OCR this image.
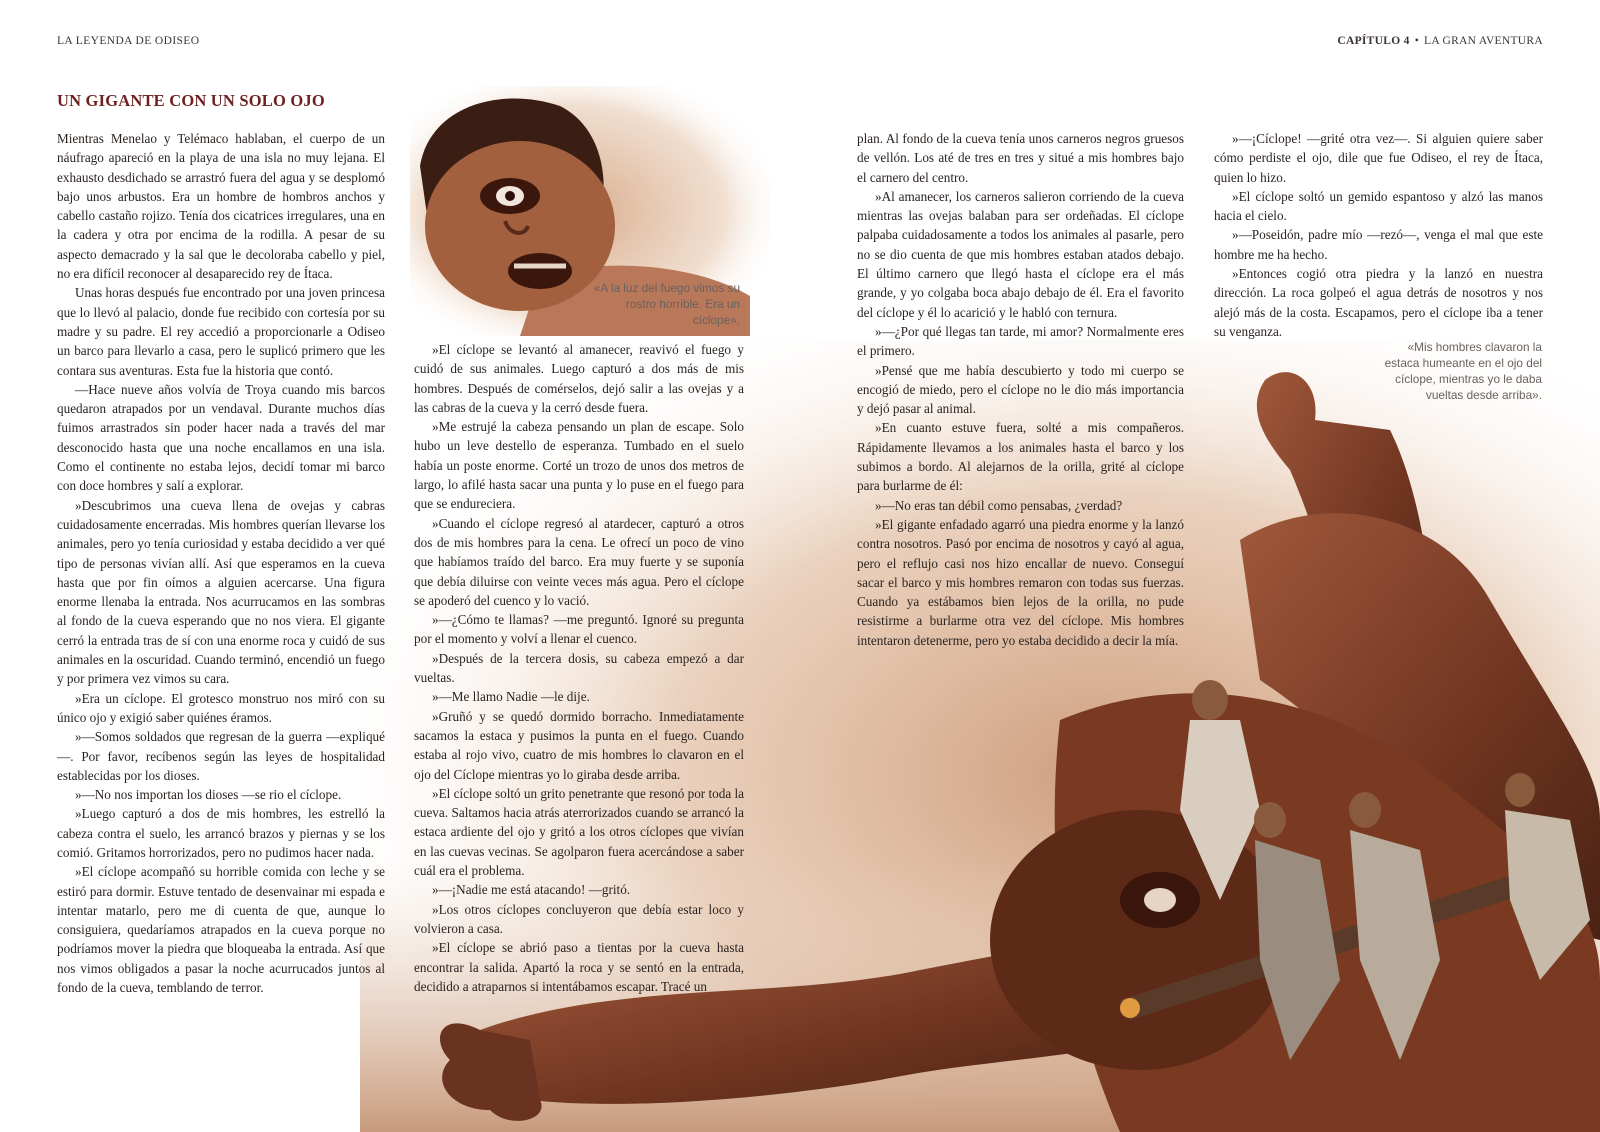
LA LEYENDA DE ODISEO	CAPÍTULO 4 • LA GRAN AVENTURA
UN GIGANTE CON UN SOLO OJO

Mientras Menelao y Telémaco hablaban, el cuerpo de un náufrago apareció en la playa de una isla no muy lejana. El exhausto desdichado se arrastró fuera del agua y se desplomó bajo unos arbustos. Era un hombre de hombros anchos y cabello castaño rojizo. Tenía dos cicatrices irregulares, una en la cadera y otra por encima de la rodilla. A pesar de su aspecto demacrado y la sal que le decoloraba cabello y piel, no era difícil reconocer al desaparecido rey de Ítaca.

Unas horas después fue encontrado por una joven princesa que lo llevó al palacio, donde fue recibido con cortesía por su madre y su padre. El rey accedió a proporcionarle a Odiseo un barco para llevarlo a casa, pero le suplicó primero que les contara sus aventuras. Esta fue la historia que contó.

—Hace nueve años volvía de Troya cuando mis barcos quedaron atrapados por un vendaval. Durante muchos días fuimos arrastrados sin poder hacer nada a través del mar desconocido hasta que una noche encallamos en una isla. Como el continente no estaba lejos, decidí tomar mi barco con doce hombres y salí a explorar.

»Descubrimos una cueva llena de ovejas y cabras cuidadosamente encerradas. Mis hombres querían llevarse los animales, pero yo tenía curiosidad y estaba decidido a ver qué tipo de personas vivían allí. Así que esperamos en la cueva hasta que por fin oímos a alguien acercarse. Una figura enorme llenaba la entrada. Nos acurrucamos en las sombras al fondo de la cueva esperando que no nos viera. El gigante cerró la entrada tras de sí con una enorme roca y cuidó de sus animales en la oscuridad. Cuando terminó, encendió un fuego y por primera vez vimos su cara.

»Era un cíclope. El grotesco monstruo nos miró con su único ojo y exigió saber quiénes éramos.

»—Somos soldados que regresan de la guerra —expliqué—. Por favor, recíbenos según las leyes de hospitalidad establecidas por los dioses.

»—No nos importan los dioses —se rio el cíclope.

»Luego capturó a dos de mis hombres, les estrelló la cabeza contra el suelo, les arrancó brazos y piernas y se los comió. Gritamos horrorizados, pero no pudimos hacer nada.

»El cíclope acompañó su horrible comida con leche y se estiró para dormir. Estuve tentado de desenvainar mi espada e intentar matarlo, pero me di cuenta de que, aunque lo consiguiera, quedaríamos atrapados en la cueva porque no podríamos mover la piedra que bloqueaba la entrada. Así que nos vimos obligados a pasar la noche acurrucados juntos al fondo de la cueva, temblando de terror.

»El cíclope se levantó al amanecer, reavivó el fuego y cuidó de sus animales. Luego capturó a dos más de mis hombres. Después de comérselos, dejó salir a las ovejas y a las cabras de la cueva y la cerró desde fuera.

»Me estrujé la cabeza pensando un plan de escape. Solo hubo un leve destello de esperanza. Tumbado en el suelo había un poste enorme. Corté un trozo de unos dos metros de largo, lo afilé hasta sacar una punta y lo puse en el fuego para que se endureciera.

»Cuando el cíclope regresó al atardecer, capturó a otros dos de mis hombres para la cena. Le ofrecí un poco de vino que habíamos traído del barco. Era muy fuerte y se suponía que debía diluirse con veinte veces más agua. Pero el cíclope se apoderó del cuenco y lo vació.

»—¿Cómo te llamas? —me preguntó. Ignoré su pregunta por el momento y volví a llenar el cuenco.

»Después de la tercera dosis, su cabeza empezó a dar vueltas.

»—Me llamo Nadie —le dije.

»Gruñó y se quedó dormido borracho. Inmediatamente sacamos la estaca y pusimos la punta en el fuego. Cuando estaba al rojo vivo, cuatro de mis hombres lo clavaron en el ojo del Cíclope mientras yo lo giraba desde arriba.

»El cíclope soltó un grito penetrante que resonó por toda la cueva. Saltamos hacia atrás aterrorizados cuando se arrancó la estaca ardiente del ojo y gritó a los otros cíclopes que vivían en las cuevas vecinas. Se agolparon fuera acercándose a saber cuál era el problema.

»—¡Nadie me está atacando! —gritó.

»Los otros cíclopes concluyeron que debía estar loco y volvieron a casa.

»El cíclope se abrió paso a tientas por la cueva hasta encontrar la salida. Apartó la roca y se sentó en la entrada, decidido a atraparnos si intentábamos escapar. Tracé un

plan. Al fondo de la cueva tenía unos carneros negros gruesos de vellón. Los até de tres en tres y situé a mis hombres bajo el carnero del centro.

»Al amanecer, los carneros salieron corriendo de la cueva mientras las ovejas balaban para ser ordeñadas. El cíclope palpaba cuidadosamente a todos los animales al pasarle, pero no se dio cuenta de que mis hombres estaban atados debajo. El último carnero que llegó hasta el cíclope era el más grande, y yo colgaba boca abajo debajo de él. Era el favorito del cíclope y él lo acarició y le habló con ternura.

»—¿Por qué llegas tan tarde, mi amor? Normalmente eres el primero.

»Pensé que me había descubierto y todo mi cuerpo se encogió de miedo, pero el cíclope no le dio más importancia y dejó pasar al animal.

»En cuanto estuve fuera, solté a mis compañeros. Rápidamente llevamos a los animales hasta el barco y los subimos a bordo. Al alejarnos de la orilla, grité al cíclope para burlarme de él:

»—No eras tan débil como pensabas, ¿verdad?

»El gigante enfadado agarró una piedra enorme y la lanzó contra nosotros. Pasó por encima de nosotros y cayó al agua, pero el reflujo casi nos hizo encallar de nuevo. Conseguí sacar el barco y mis hombres remaron con todas sus fuerzas. Cuando ya estábamos bien lejos de la orilla, no pude resistirme a burlarme otra vez del cíclope. Mis hombres intentaron detenerme, pero yo estaba decidido a decir la mía.

»—¡Cíclope! —grité otra vez—. Si alguien quiere saber cómo perdiste el ojo, dile que fue Odiseo, el rey de Ítaca, quien lo hizo.

»El cíclope soltó un gemido espantoso y alzó las manos hacia el cielo.

»—Poseidón, padre mío —rezó—, venga el mal que este hombre me ha hecho.

»Entonces cogió otra piedra y la lanzó en nuestra dirección. La roca golpeó el agua detrás de nosotros y nos alejó más de la costa. Escapamos, pero el cíclope iba a tener su venganza.

«A la luz del fuego vimos su rostro horrible. Era un cíclope».
«Mis hombres clavaron la estaca humeante en el ojo del cíclope, mientras yo le daba vueltas desde arriba».
